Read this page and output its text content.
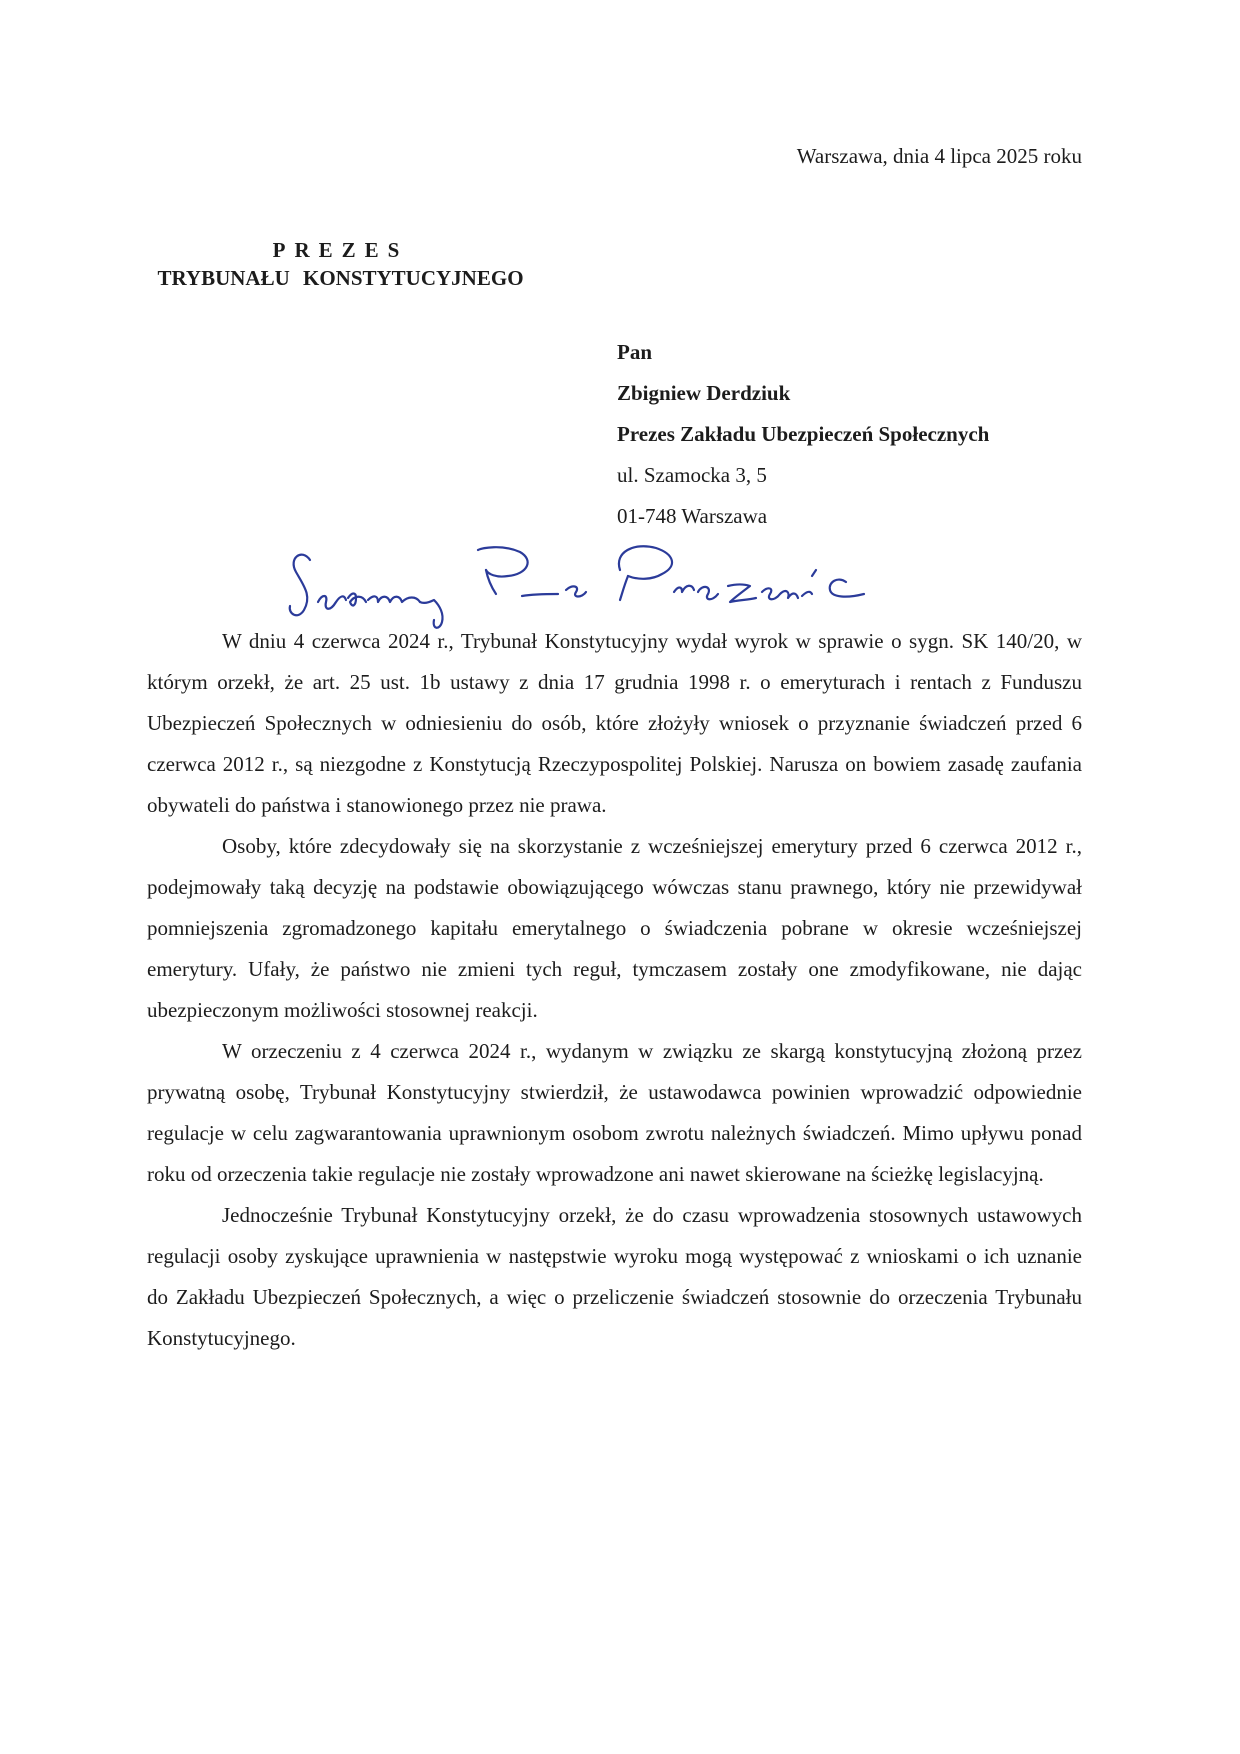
Warszawa, dnia 4 lipca 2025 roku
PREZES
TRYBUNAŁU KONSTYTUCYJNEGO
Pan
Zbigniew Derdziuk
Prezes Zakładu Ubezpieczeń Społecznych
ul. Szamocka 3, 5
01-748 Warszawa

W dniu 4 czerwca 2024 r., Trybunał Konstytucyjny wydał wyrok w sprawie o sygn. SK 140/20, w którym orzekł, że art. 25 ust. 1b ustawy z dnia 17 grudnia 1998 r. o emeryturach i rentach z Funduszu Ubezpieczeń Społecznych w odniesieniu do osób, które złożyły wniosek o przyznanie świadczeń przed 6 czerwca 2012 r., są niezgodne z Konstytucją Rzeczypospolitej Polskiej. Narusza on bowiem zasadę zaufania obywateli do państwa i stanowionego przez nie prawa.

Osoby, które zdecydowały się na skorzystanie z wcześniejszej emerytury przed 6 czerwca 2012 r., podejmowały taką decyzję na podstawie obowiązującego wówczas stanu prawnego, który nie przewidywał pomniejszenia zgromadzonego kapitału emerytalnego o świadczenia pobrane w okresie wcześniejszej emerytury. Ufały, że państwo nie zmieni tych reguł, tymczasem zostały one zmodyfikowane, nie dając ubezpieczonym możliwości stosownej reakcji.

W orzeczeniu z 4 czerwca 2024 r., wydanym w związku ze skargą konstytucyjną złożoną przez prywatną osobę, Trybunał Konstytucyjny stwierdził, że ustawodawca powinien wprowadzić odpowiednie regulacje w celu zagwarantowania uprawnionym osobom zwrotu należnych świadczeń. Mimo upływu ponad roku od orzeczenia takie regulacje nie zostały wprowadzone ani nawet skierowane na ścieżkę legislacyjną.

Jednocześnie Trybunał Konstytucyjny orzekł, że do czasu wprowadzenia stosownych ustawowych regulacji osoby zyskujące uprawnienia w następstwie wyroku mogą występować z wnioskami o ich uznanie do Zakładu Ubezpieczeń Społecznych, a więc o przeliczenie świadczeń stosownie do orzeczenia Trybunału Konstytucyjnego.
